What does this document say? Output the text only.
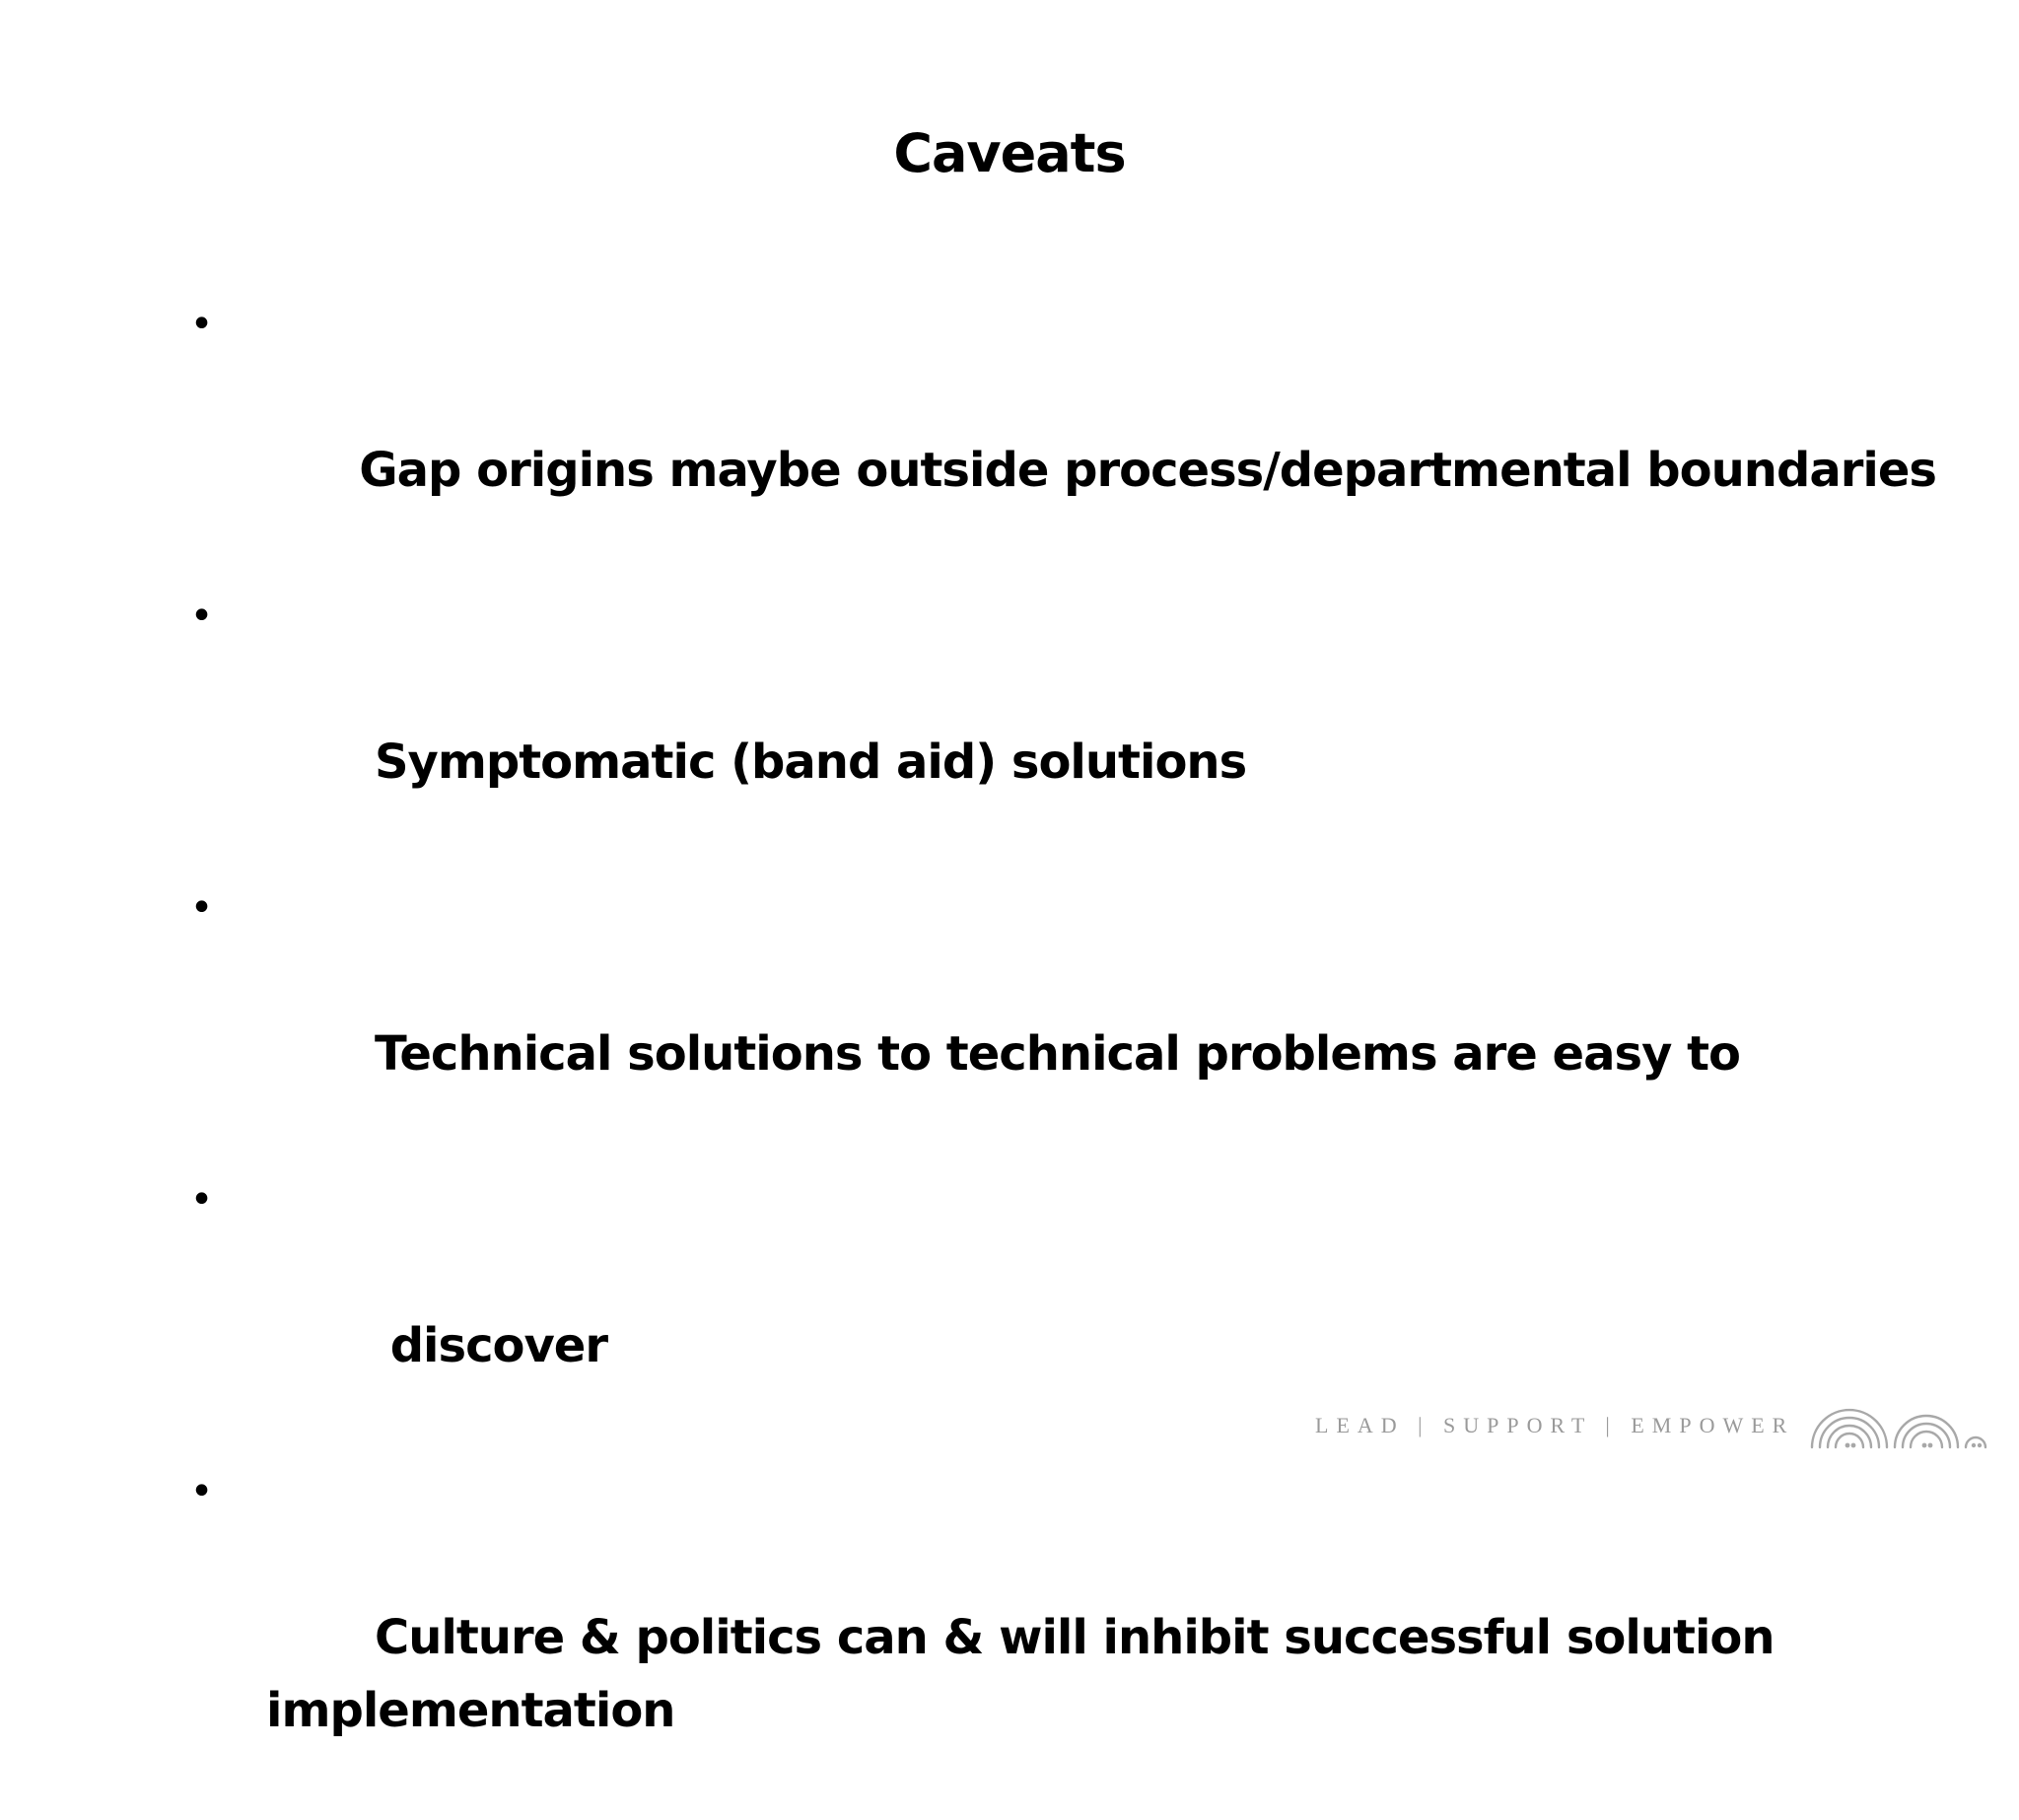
Caveats

•

Gap origins maybe outside process/departmental boundaries

•

Symptomatic (band aid) solutions

•

Technical solutions to technical problems are easy to

•

discover

•

Culture & politics can & will inhibit successful solution implementation

LEAD | SUPPORT | EMPOWER
